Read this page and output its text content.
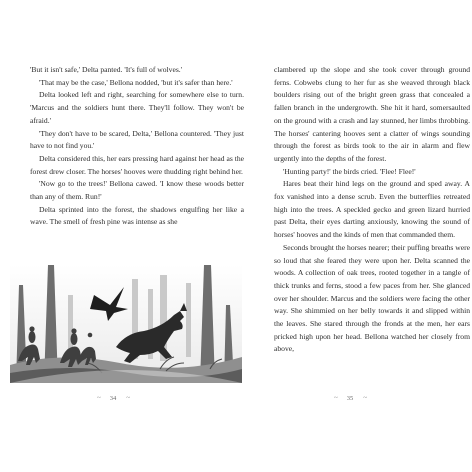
'But it isn't safe,' Delta panted. 'It's full of wolves.'

'That may be the case,' Bellona nodded, 'but it's safer than here.'

Delta looked left and right, searching for somewhere else to turn. 'Marcus and the soldiers hunt there. They'll follow. They won't be afraid.'

'They don't have to be scared, Delta,' Bellona countered. 'They just have to not find you.'

Delta considered this, her ears pressing hard against her head as the forest drew closer. The horses' hooves were thudding right behind her.

'Now go to the trees!' Bellona cawed. 'I know these woods better than any of them. Run!'

Delta sprinted into the forest, the shadows engulfing her like a wave. The smell of fresh pine was intense as she

~ 34 ~

clambered up the slope and she took cover through ground ferns. Cobwebs clung to her fur as she weaved through black boulders rising out of the bright green grass that concealed a fallen branch in the undergrowth. She hit it hard, somersaulted on the ground with a crash and lay stunned, her limbs throbbing. The horses' cantering hooves sent a clatter of wings sounding through the forest as birds took to the air in alarm and flew urgently into the depths of the forest.

'Hunting party!' the birds cried. 'Flee! Flee!'

Hares beat their hind legs on the ground and sped away. A fox vanished into a dense scrub. Even the butterflies retreated high into the trees. A speckled gecko and green lizard hurried past Delta, their eyes darting anxiously, knowing the sound of horses' hooves and the kinds of men that commanded them.

Seconds brought the horses nearer; their puffing breaths were so loud that she feared they were upon her. Delta scanned the woods. A collection of oak trees, rooted together in a tangle of thick trunks and ferns, stood a few paces from her. She glanced over her shoulder. Marcus and the soldiers were facing the other way. She shimmied on her belly towards it and slipped within the leaves. She stared through the fronds at the men, her ears pricked high upon her head. Bellona watched her closely from above,

~ 35 ~
